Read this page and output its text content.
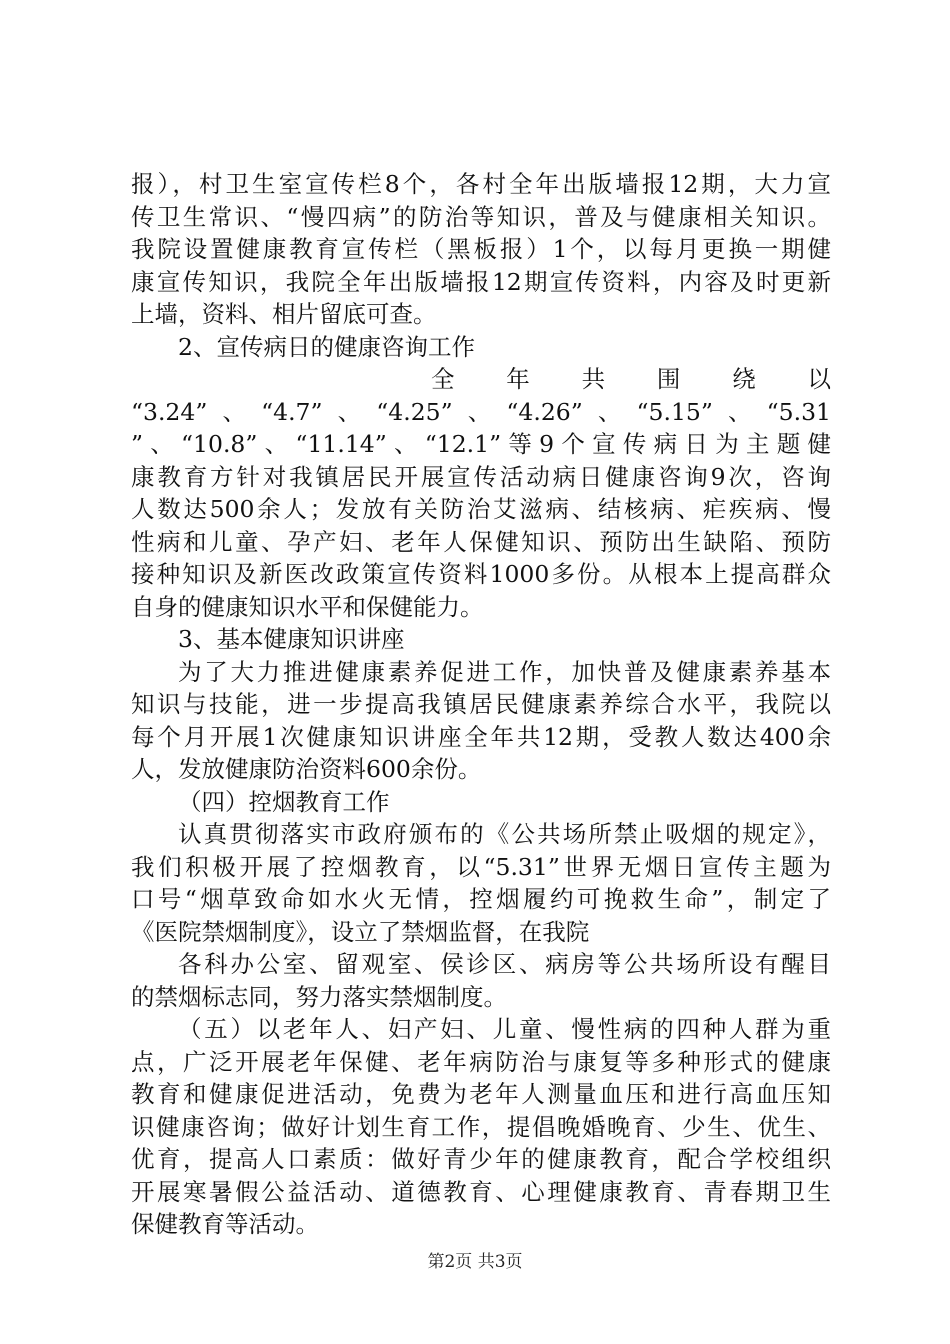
报），村卫生室宣传栏8个，各村全年出版墙报12期，大力宣
传卫生常识、“慢四病”的防治等知识，普及与健康相关知识。
我院设置健康教育宣传栏（黑板报）1个，以每月更换一期健
康宣传知识，我院全年出版墙报12期宣传资料，内容及时更新
上墙，资料、相片留底可查。
2、宣传病日的健康咨询工作
全 年 共 围 绕 以
“3.24”、“4.7”、“4.25”、“4.26”、“5.15”、“5.31
”、“10.8”、“11.14”、“12.1”等9个宣传病日为主题健
康教育方针对我镇居民开展宣传活动病日健康咨询9次，咨询
人数达500余人；发放有关防治艾滋病、结核病、疟疾病、慢
性病和儿童、孕产妇、老年人保健知识、预防出生缺陷、预防
接种知识及新医改政策宣传资料1000多份。从根本上提高群众
自身的健康知识水平和保健能力。
3、基本健康知识讲座
为了大力推进健康素养促进工作，加快普及健康素养基本
知识与技能，进一步提高我镇居民健康素养综合水平，我院以
每个月开展1次健康知识讲座全年共12期，受教人数达400余
人，发放健康防治资料600余份。
（四）控烟教育工作
认真贯彻落实市政府颁布的《公共场所禁止吸烟的规定》，
我们积极开展了控烟教育，以“5.31”世界无烟日宣传主题为
口号“烟草致命如水火无情，控烟履约可挽救生命”，制定了
《医院禁烟制度》，设立了禁烟监督，在我院
各科办公室、留观室、侯诊区、病房等公共场所设有醒目
的禁烟标志同，努力落实禁烟制度。
（五）以老年人、妇产妇、儿童、慢性病的四种人群为重
点，广泛开展老年保健、老年病防治与康复等多种形式的健康
教育和健康促进活动，免费为老年人测量血压和进行高血压知
识健康咨询；做好计划生育工作，提倡晚婚晚育、少生、优生、
优育，提高人口素质：做好青少年的健康教育，配合学校组织
开展寒暑假公益活动、道德教育、心理健康教育、青春期卫生
保健教育等活动。
第2页 共3页
